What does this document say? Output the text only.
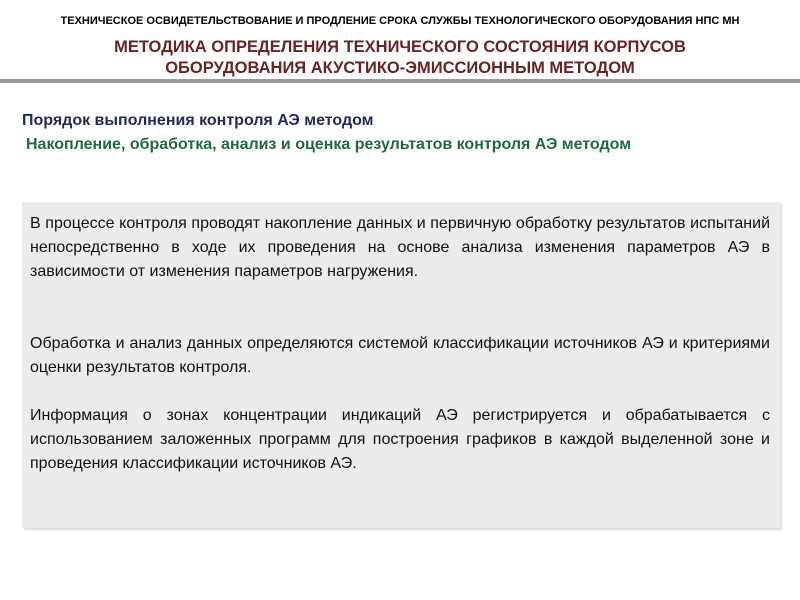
ТЕХНИЧЕСКОЕ ОСВИДЕТЕЛЬСТВОВАНИЕ И ПРОДЛЕНИЕ СРОКА СЛУЖБЫ ТЕХНОЛОГИЧЕСКОГО ОБОРУДОВАНИЯ НПС МН
МЕТОДИКА ОПРЕДЕЛЕНИЯ ТЕХНИЧЕСКОГО СОСТОЯНИЯ КОРПУСОВ
ОБОРУДОВАНИЯ АКУСТИКО-ЭМИССИОННЫМ МЕТОДОМ
Порядок выполнения контроля АЭ методом
Накопление, обработка, анализ и оценка результатов контроля АЭ методом

В процессе контроля проводят накопление данных и первичную обработку результатов испытаний непосредственно в ходе их проведения на основе анализа изменения параметров АЭ в зависимости от изменения параметров нагружения.

Обработка и анализ данных определяются системой классификации источников АЭ и критериями оценки результатов контроля.

Информация о зонах концентрации индикаций АЭ регистрируется и обрабатывается с использованием заложенных программ для построения графиков в каждой выделенной зоне и проведения классификации источников АЭ.
